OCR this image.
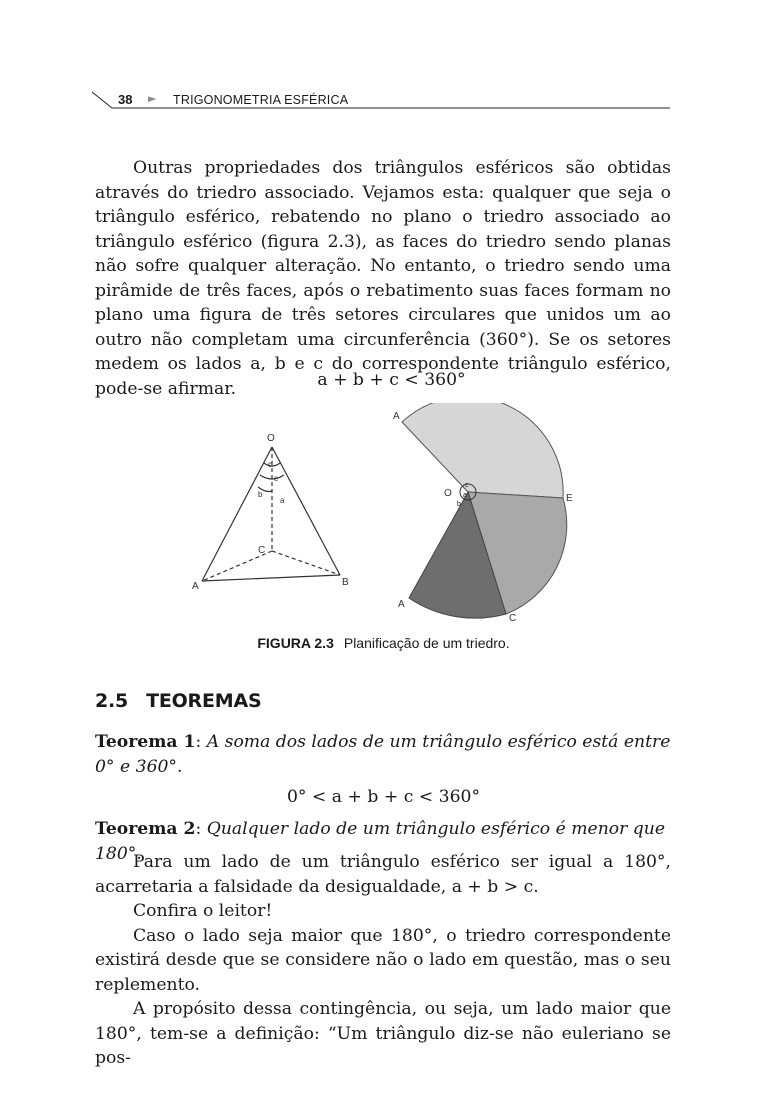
38 ► TRIGONOMETRIA ESFÉRICA

Outras propriedades dos triângulos esféricos são obtidas através do triedro associado. Vejamos esta: qualquer que seja o triângulo esférico, rebatendo no plano o triedro associado ao triângulo esférico (figura 2.3), as faces do triedro sendo planas não sofre qualquer alteração. No entanto, o triedro sendo uma pirâmide de três faces, após o rebatimento suas faces formam no plano uma figura de três setores circulares que unidos um ao outro não completam uma circunferência (360°). Se os setores medem os lados a, b e c do correspondente triângulo esférico, pode-se afirmar.	a + b + c < 360°
O
A	B
C
c
c
b
a
A
O	E
A
C
c
a
b
FIGURA 2.3 Planificação de um triedro.
2.5 TEOREMAS
Teorema 1: A soma dos lados de um triângulo esférico está entre 0° e 360°.
0° < a + b + c < 360°
Teorema 2: Qualquer lado de um triângulo esférico é menor que 180°.

Para um lado de um triângulo esférico ser igual a 180°, acarretaria a falsidade da desigualdade, a + b > c.

Confira o leitor!

Caso o lado seja maior que 180°, o triedro correspondente existirá desde que se considere não o lado em questão, mas o seu replemento.

A propósito dessa contingência, ou seja, um lado maior que 180°, tem-se a definição: “Um triângulo diz-se não euleriano se pos-
